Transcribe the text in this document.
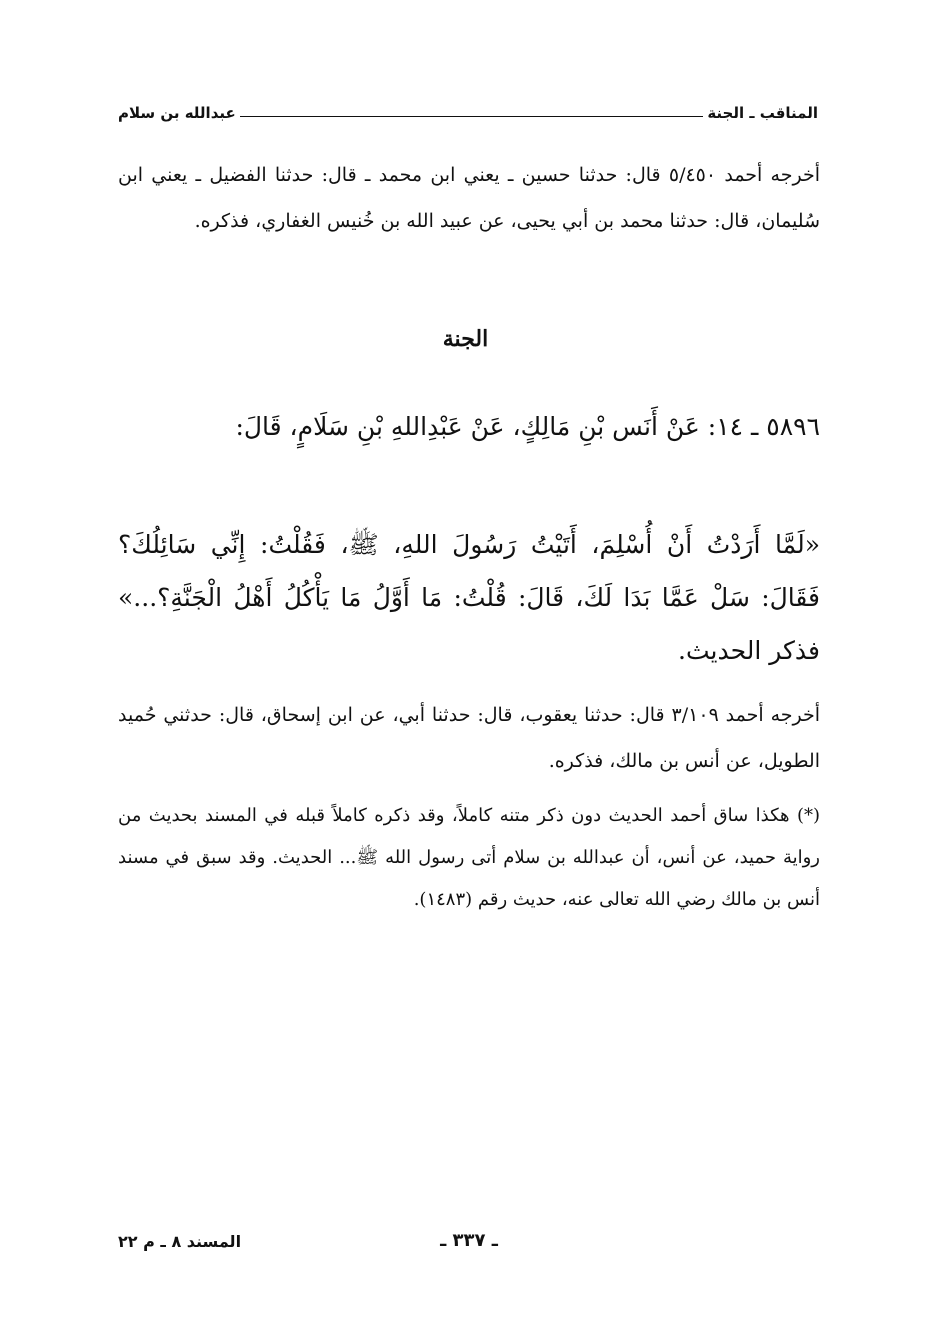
المناقب ـ الجنة
عبدالله بن سلام
أخرجه أحمد ٥/٤٥٠ قال: حدثنا حسين ـ يعني ابن محمد ـ قال: حدثنا الفضيل ـ يعني ابن سُليمان، قال: حدثنا محمد بن أبي يحيى، عن عبيد الله بن خُنيس الغفاري، فذكره.
الجنة
٥٨٩٦ ـ ١٤: عَنْ أَنَس بْنِ مَالِكٍ، عَنْ عَبْدِاللهِ بْنِ سَلَامٍ، قَالَ:
«لَمَّا أَرَدْتُ أَنْ أُسْلِمَ، أَتَيْتُ رَسُولَ اللهِ، ﷺ، فَقُلْتُ: إِنِّي سَائِلُكَ؟ فَقَالَ: سَلْ عَمَّا بَدَا لَكَ، قَالَ: قُلْتُ: مَا أَوَّلُ مَا يَأْكُلُ أَهْلُ الْجَنَّةِ؟...» فذكر الحديث.
أخرجه أحمد ٣/١٠٩ قال: حدثنا يعقوب، قال: حدثنا أبي، عن ابن إسحاق، قال: حدثني حُميد الطويل، عن أنس بن مالك، فذكره.
(*) هكذا ساق أحمد الحديث دون ذكر متنه كاملاً، وقد ذكره كاملاً قبله في المسند بحديث من رواية حميد، عن أنس، أن عبدالله بن سلام أتى رسول الله ﷺ... الحديث. وقد سبق في مسند أنس بن مالك رضي الله تعالى عنه، حديث رقم (١٤٨٣).
ـ ٣٣٧ ـ
المسند ٨ ـ م ٢٢
